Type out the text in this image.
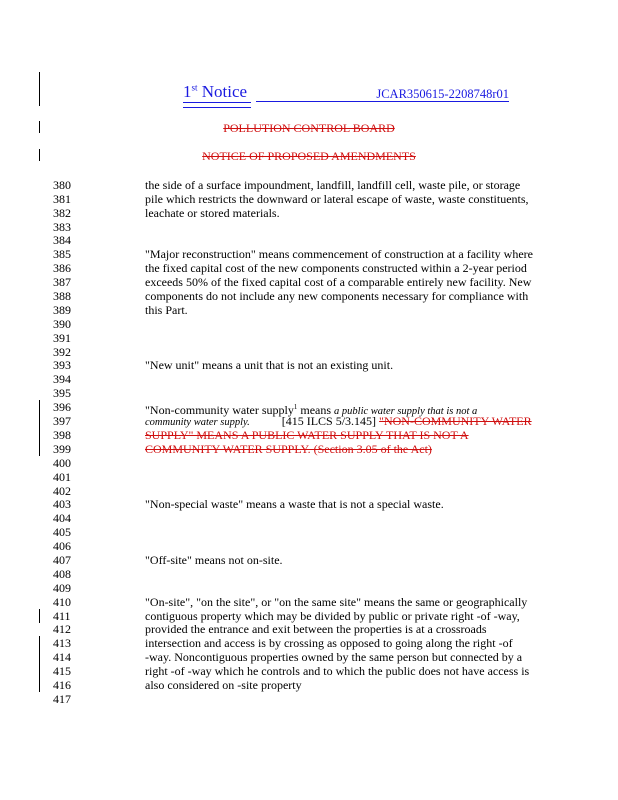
1st Notice	JCAR350615-2208748r01
POLLUTION CONTROL BOARD
NOTICE OF PROPOSED AMENDMENTS
380
381
382
383
384
385
386
387
388
389
390
391
392
393
394
395
396
397
398
399
400
401
402
403
404
405
406
407
408
409
410
411
412
413
414
415
416
417
the side of a surface impoundment, landfill, landfill cell, waste pile, or storage
pile which restricts the downward or lateral escape of waste, waste constituents,
leachate or stored materials.
"Major reconstruction" means commencement of construction at a facility where
the fixed capital cost of the new components constructed within a 2-year period
exceeds 50% of the fixed capital cost of a comparable entirely new facility. New
components do not include any new components necessary for compliance with
this Part.
"New unit" means a unit that is not an existing unit.
"Non-community water supply$^1$ means a public water supply that is not a
community water supply.	[415 ILCS 5/3.145] "NON-COMMUNITY WATER
SUPPLY" MEANS A PUBLIC WATER SUPPLY THAT IS NOT A
COMMUNITY WATER SUPPLY. (Section 3.05 of the Act)
"Non-special waste" means a waste that is not a special waste.
"Off-site" means not on-site.
"On-site", "on the site", or "on the same site" means the same or geographically
contiguous property which may be divided by public or private right -of -way,
provided the entrance and exit between the properties is at a crossroads
intersection and access is by crossing as opposed to going along the right -of
-way. Noncontiguous properties owned by the same person but connected by a
right -of -way which he controls and to which the public does not have access is
also considered on -site property
